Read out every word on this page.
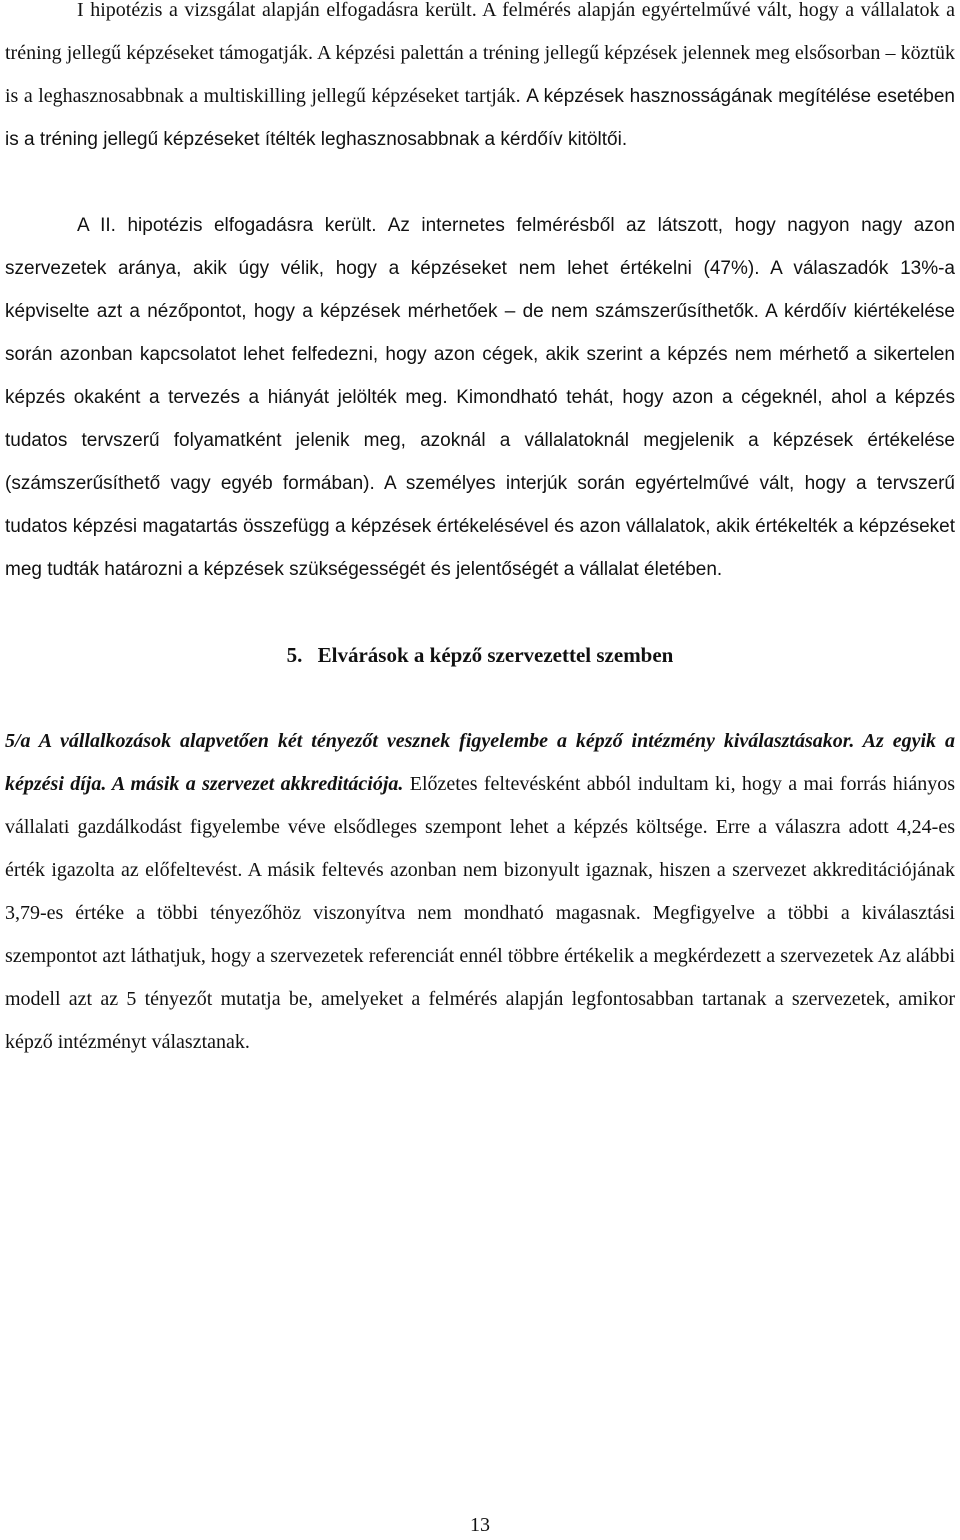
I hipotézis a vizsgálat alapján elfogadásra került. A felmérés alapján egyértelművé vált, hogy a vállalatok a tréning jellegű képzéseket támogatják. A képzési palettán a tréning jellegű képzések jelennek meg elsősorban – köztük is a leghasznosabbnak a multiskilling jellegű képzéseket tartják. A képzések hasznosságának megítélése esetében is a tréning jellegű képzéseket ítélték leghasznosabbnak a kérdőív kitöltői.

A II. hipotézis elfogadásra került. Az internetes felmérésből az látszott, hogy nagyon nagy azon szervezetek aránya, akik úgy vélik, hogy a képzéseket nem lehet értékelni (47%). A válaszadók 13%-a képviselte azt a nézőpontot, hogy a képzések mérhetőek – de nem számszerűsíthetők. A kérdőív kiértékelése során azonban kapcsolatot lehet felfedezni, hogy azon cégek, akik szerint a képzés nem mérhető a sikertelen képzés okaként a tervezés a hiányát jelölték meg. Kimondható tehát, hogy azon a cégeknél, ahol a képzés tudatos tervszerű folyamatként jelenik meg, azoknál a vállalatoknál megjelenik a képzések értékelése (számszerűsíthető vagy egyéb formában). A személyes interjúk során egyértelművé vált, hogy a tervszerű tudatos képzési magatartás összefügg a képzések értékelésével és azon vállalatok, akik értékelték a képzéseket meg tudták határozni a képzések szükségességét és jelentőségét a vállalat életében.

5. Elvárások a képző szervezettel szemben

5/a A vállalkozások alapvetően két tényezőt vesznek figyelembe a képző intézmény kiválasztásakor. Az egyik a képzési díja. A másik a szervezet akkreditációja. Előzetes feltevésként abból indultam ki, hogy a mai forrás hiányos vállalati gazdálkodást figyelembe véve elsődleges szempont lehet a képzés költsége. Erre a válaszra adott 4,24-es érték igazolta az előfeltevést. A másik feltevés azonban nem bizonyult igaznak, hiszen a szervezet akkreditációjának 3,79-es értéke a többi tényezőhöz viszonyítva nem mondható magasnak. Megfigyelve a többi a kiválasztási szempontot azt láthatjuk, hogy a szervezetek referenciát ennél többre értékelik a megkérdezett a szervezetek Az alábbi modell azt az 5 tényezőt mutatja be, amelyeket a felmérés alapján legfontosabban tartanak a szervezetek, amikor képző intézményt választanak.

13
